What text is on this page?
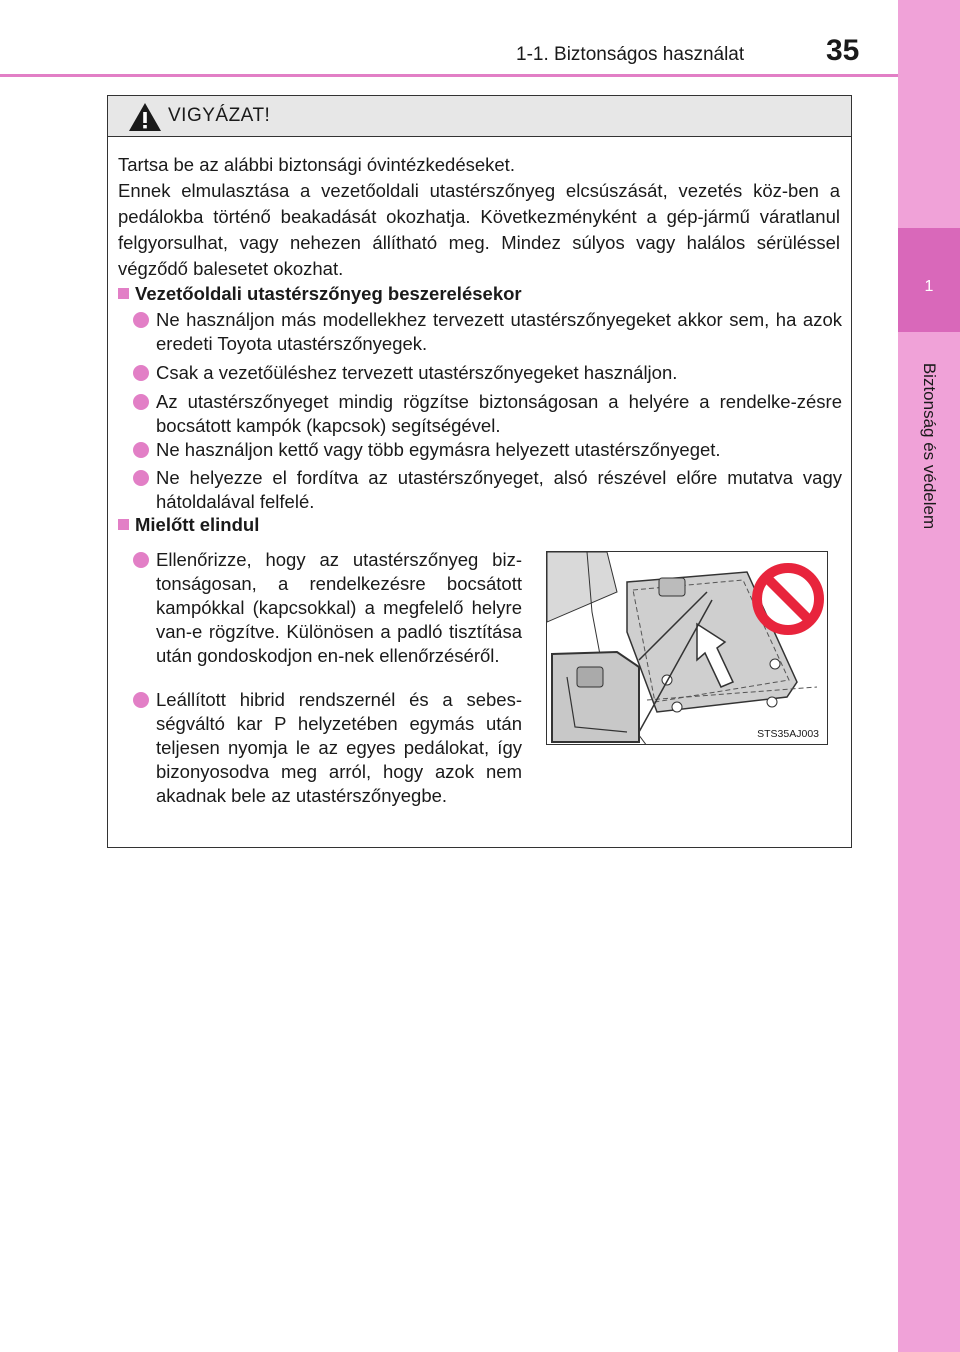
1-1. Biztonságos használat	35
1
Biztonság és védelem
VIGYÁZAT!

Tartsa be az alábbi biztonsági óvintézkedéseket.
Ennek elmulasztása a vezetőoldali utastérszőnyeg elcsúszását, vezetés köz-ben a pedálokba történő beakadását okozhatja. Következményként a gép-jármű váratlanul felgyorsulhat, vagy nehezen állítható meg. Mindez súlyos vagy halálos sérüléssel végződő balesetet okozhat.

Vezetőoldali utastérszőnyeg beszerelésekor
Ne használjon más modellekhez tervezett utastérszőnyegeket akkor sem, ha azok eredeti Toyota utastérszőnyegek.
Csak a vezetőüléshez tervezett utastérszőnyegeket használjon.
Az utastérszőnyeget mindig rögzítse biztonságosan a helyére a rendelke-zésre bocsátott kampók (kapcsok) segítségével.
Ne használjon kettő vagy több egymásra helyezett utastérszőnyeget.
Ne helyezze el fordítva az utastérszőnyeget, alsó részével előre mutatva vagy hátoldalával felfelé.
Mielőtt elindul
Ellenőrizze, hogy az utastérszőnyeg biz-tonságosan, a rendelkezésre bocsátott kampókkal (kapcsokkal) a megfelelő helyre van-e rögzítve. Különösen a padló tisztítása után gondoskodjon en-nek ellenőrzéséről.
Leállított hibrid rendszernél és a sebes-ségváltó kar P helyzetében egymás után teljesen nyomja le az egyes pedálokat, így bizonyosodva meg arról, hogy azok nem akadnak bele az utastérszőnyegbe.
STS35AJ003
